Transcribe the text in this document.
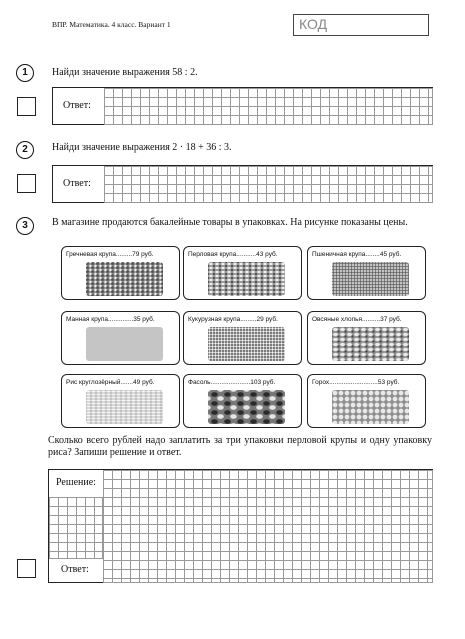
ВПР. Математика. 4 класс. Вариант 1	КОД
1	Найди значение выражения 58 : 2.
Ответ:
2	Найди значение выражения 2 · 18 + 36 : 3.
Ответ:
3	В магазине продаются бакалейные товары в упаковках. На рисунке показаны цены.
Гречневая крупа.........79 руб.	Перловая крупа...........43 руб.	Пшеничная крупа........45 руб.
Манная крупа..............35 руб.	Кукурузная крупа.........29 руб.	Овсяные хлопья..........37 руб.
Рис круглозёрный.......49 руб.	Фасоль......................103 руб.	Горох...........................53 руб.
Сколько всего рублей надо заплатить за три упаковки перловой крупы и одну упаковку риса? Запиши решение и ответ.
Решение:
Ответ:
